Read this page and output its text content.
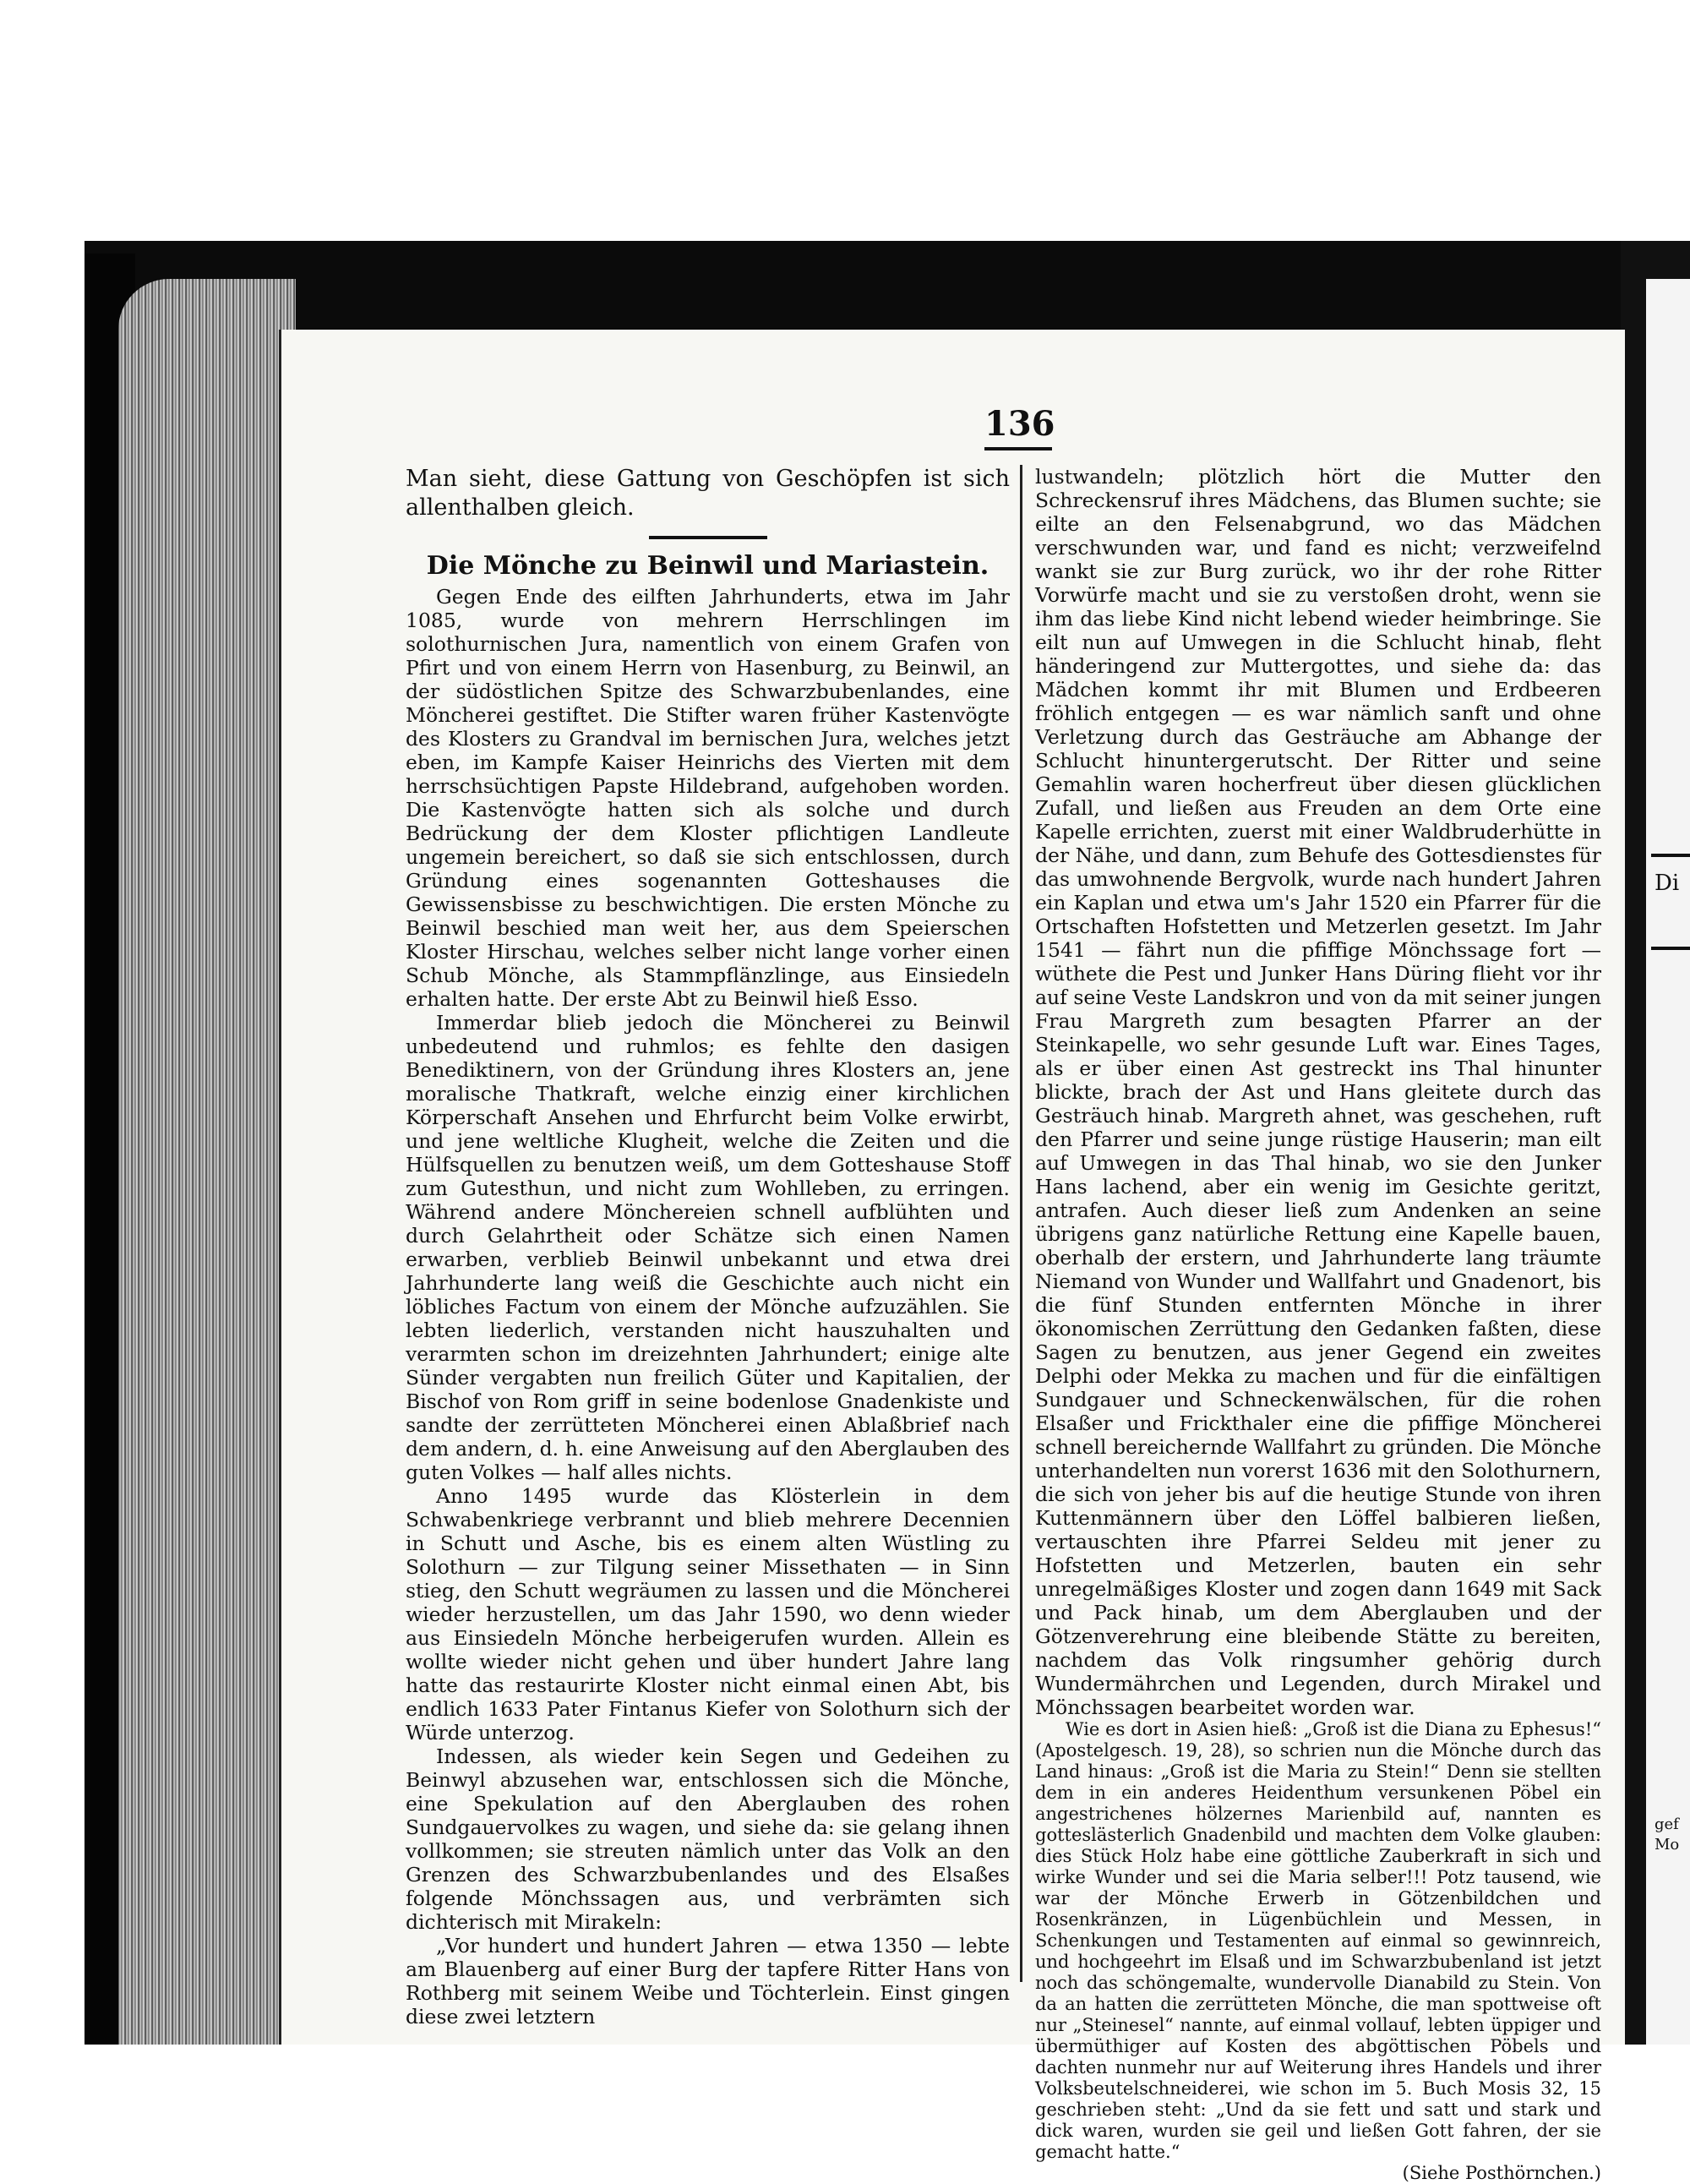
Di
gef
Mo
136

Man sieht, diese Gattung von Geschöpfen ist sich allenthalben gleich.

Die Mönche zu Beinwil und Mariastein.

Gegen Ende des eilften Jahrhunderts, etwa im Jahr 1085, wurde von mehrern Herrschlingen im solothurnischen Jura, namentlich von einem Grafen von Pfirt und von einem Herrn von Hasenburg, zu Beinwil, an der südöstlichen Spitze des Schwarzbubenlandes, eine Mönchereі gestiftet. Die Stifter waren früher Kastenvögte des Klosters zu Grandval im bernischen Jura, welches jetzt eben, im Kampfe Kaiser Heinrichs des Vierten mit dem herrschsüchtigen Papste Hildebrand, aufgehoben worden. Die Kastenvögte hatten sich als solche und durch Bedrückung der dem Kloster pflichtigen Landleute ungemein bereichert, so daß sie sich entschlossen, durch Gründung eines sogenannten Gotteshauses die Gewissensbisse zu beschwichtigen. Die ersten Mönche zu Beinwil beschied man weit her, aus dem Speierschen Kloster Hirschau, welches selber nicht lange vorher einen Schub Mönche, als Stammpflänzlinge, aus Einsiedeln erhalten hatte. Der erste Abt zu Beinwil hieß Esso.

Immerdar blieb jedoch die Mönchereі zu Beinwil unbedeutend und ruhmlos; es fehlte den dasigen Benediktinern, von der Gründung ihres Klosters an, jene moralische Thatkraft, welche einzig einer kirchlichen Körperschaft Ansehen und Ehrfurcht beim Volke erwirbt, und jene weltliche Klugheit, welche die Zeiten und die Hülfsquellen zu benutzen weiß, um dem Gotteshause Stoff zum Gutesthun, und nicht zum Wohlleben, zu erringen. Während andere Möncherеien schnell aufblühten und durch Gelahrtheit oder Schätze sich einen Namen erwarben, verblieb Beinwil unbekannt und etwa drei Jahrhunderte lang weiß die Geschichte auch nicht ein löbliches Factum von einem der Mönche aufzuzählen. Sie lebten liederlich, verstanden nicht hauszuhalten und verarmten schon im dreizehnten Jahrhundert; einige alte Sünder vergabten nun freilich Güter und Kapitalien, der Bischof von Rom griff in seine bodenlose Gnadenkiste und sandte der zerrütteten Mönchereі einen Ablaßbrief nach dem andern, d. h. eine Anweisung auf den Aberglauben des guten Volkes — half alles nichts.

Anno 1495 wurde das Klösterlein in dem Schwabenkriege verbrannt und blieb mehrere Decennien in Schutt und Asche, bis es einem alten Wüstling zu Solothurn — zur Tilgung seiner Missethaten — in Sinn stieg, den Schutt wegräumen zu lassen und die Mönchereі wieder herzustellen, um das Jahr 1590, wo denn wieder aus Einsiedeln Mönche herbeigerufen wurden. Allein es wollte wieder nicht gehen und über hundert Jahre lang hatte das restaurirte Kloster nicht einmal einen Abt, bis endlich 1633 Pater Fintanus Kiefer von Solothurn sich der Würde unterzog.

Indessen, als wieder kein Segen und Gedeihen zu Beinwyl abzusehen war, entschlossen sich die Mönche, eine Spekulation auf den Aberglauben des rohen Sundgauervolkes zu wagen, und siehe da: sie gelang ihnen vollkommen; sie streuten nämlich unter das Volk an den Grenzen des Schwarzbubenlandes und des Elsaßes folgende Mönchssagen aus, und verbrämten sich dichterisch mit Mirakeln:

„Vor hundert und hundert Jahren — etwa 1350 — lebte am Blauenberg auf einer Burg der tapfere Ritter Hans von Rothberg mit seinem Weibe und Töchterlein. Einst gingen diese zwei letztern

lustwandeln; plötzlich hört die Mutter den Schreckensruf ihres Mädchens, das Blumen suchte; sie eilte an den Felsenabgrund, wo das Mädchen verschwunden war, und fand es nicht; verzweifelnd wankt sie zur Burg zurück, wo ihr der rohe Ritter Vorwürfe macht und sie zu verstoßen droht, wenn sie ihm das liebe Kind nicht lebend wieder heimbringe. Sie eilt nun auf Umwegen in die Schlucht hinab, fleht händeringend zur Muttergottes, und siehe da: das Mädchen kommt ihr mit Blumen und Erdbeeren fröhlich entgegen — es war nämlich sanft und ohne Verletzung durch das Gesträuche am Abhange der Schlucht hinuntergerutscht. Der Ritter und seine Gemahlin waren hocherfreut über diesen glücklichen Zufall, und ließen aus Freuden an dem Orte eine Kapelle errichten, zuerst mit einer Waldbruderhütte in der Nähe, und dann, zum Behufe des Gottesdienstes für das umwohnende Bergvolk, wurde nach hundert Jahren ein Kaplan und etwa um's Jahr 1520 ein Pfarrer für die Ortschaften Hofstetten und Metzerlen gesetzt. Im Jahr 1541 — fährt nun die pfiffige Mönchssage fort — wüthete die Pest und Junker Hans Düring flieht vor ihr auf seine Veste Landskron und von da mit seiner jungen Frau Margreth zum besagten Pfarrer an der Steinkapelle, wo sehr gesunde Luft war. Eines Tages, als er über einen Ast gestreckt ins Thal hinunter blickte, brach der Ast und Hans gleitete durch das Gesträuch hinab. Margreth ahnet, was geschehen, ruft den Pfarrer und seine junge rüstige Hauserin; man eilt auf Umwegen in das Thal hinab, wo sie den Junker Hans lachend, aber ein wenig im Gesichte geritzt, antrafen. Auch dieser ließ zum Andenken an seine übrigens ganz natürliche Rettung eine Kapelle bauen, oberhalb der erstern, und Jahrhunderte lang träumte Niemand von Wunder und Wallfahrt und Gnadenort, bis die fünf Stunden entfernten Mönche in ihrer ökonomischen Zerrüttung den Gedanken faßten, diese Sagen zu benutzen, aus jener Gegend ein zweites Delphi oder Mekka zu machen und für die einfältigen Sundgauer und Schneckenwälschen, für die rohen Elsaßer und Frickthaler eine die pfiffige Mönchereі schnell bereichernde Wallfahrt zu gründen. Die Mönche unterhandelten nun vorerst 1636 mit den Solothurnern, die sich von jeher bis auf die heutige Stunde von ihren Kuttenmännern über den Löffel balbieren ließen, vertauschten ihre Pfarrei Seldeu mit jener zu Hofstetten und Metzerlen, bauten ein sehr unregelmäßiges Kloster und zogen dann 1649 mit Sack und Pack hinab, um dem Aberglauben und der Götzenverehrung eine bleibende Stätte zu bereiten, nachdem das Volk ringsumher gehörig durch Wundermährchen und Legenden, durch Mirakel und Mönchssagen bearbeitet worden war.

Wie es dort in Asien hieß: „Groß ist die Diana zu Ephesus!“ (Apostelgesch. 19, 28), so schrien nun die Mönche durch das Land hinaus: „Groß ist die Maria zu Stein!“ Denn sie stellten dem in ein anderes Heidenthum versunkenen Pöbel ein angestrichenes hölzernes Marienbild auf, nannten es gotteslästerlich Gnadenbild und machten dem Volke glauben: dies Stück Holz habe eine göttliche Zauberkraft in sich und wirke Wunder und sei die Maria selber!!! Potz tausend, wie war der Mönche Erwerb in Götzenbildchen und Rosenkränzen, in Lügenbüchlein und Messen, in Schenkungen und Testamenten auf einmal so gewinnreich, und hochgeehrt im Elsaß und im Schwarzbubenland ist jetzt noch das schöngemalte, wundervolle Dianabild zu Stein. Von da an hatten die zerrütteten Mönche, die man spottweise oft nur „Steinesel“ nannte, auf einmal vollauf, lebten üppiger und übermüthiger auf Kosten des abgöttischen Pöbels und dachten nunmehr nur auf Weiterung ihres Handels und ihrer Volksbeutelschneiderei, wie schon im 5. Buch Mosis 32, 15 geschrieben steht: „Und da sie fett und satt und stark und dick waren, wurden sie geil und ließen Gott fahren, der sie gemacht hatte.“

(Siehe Posthörnchen.)
